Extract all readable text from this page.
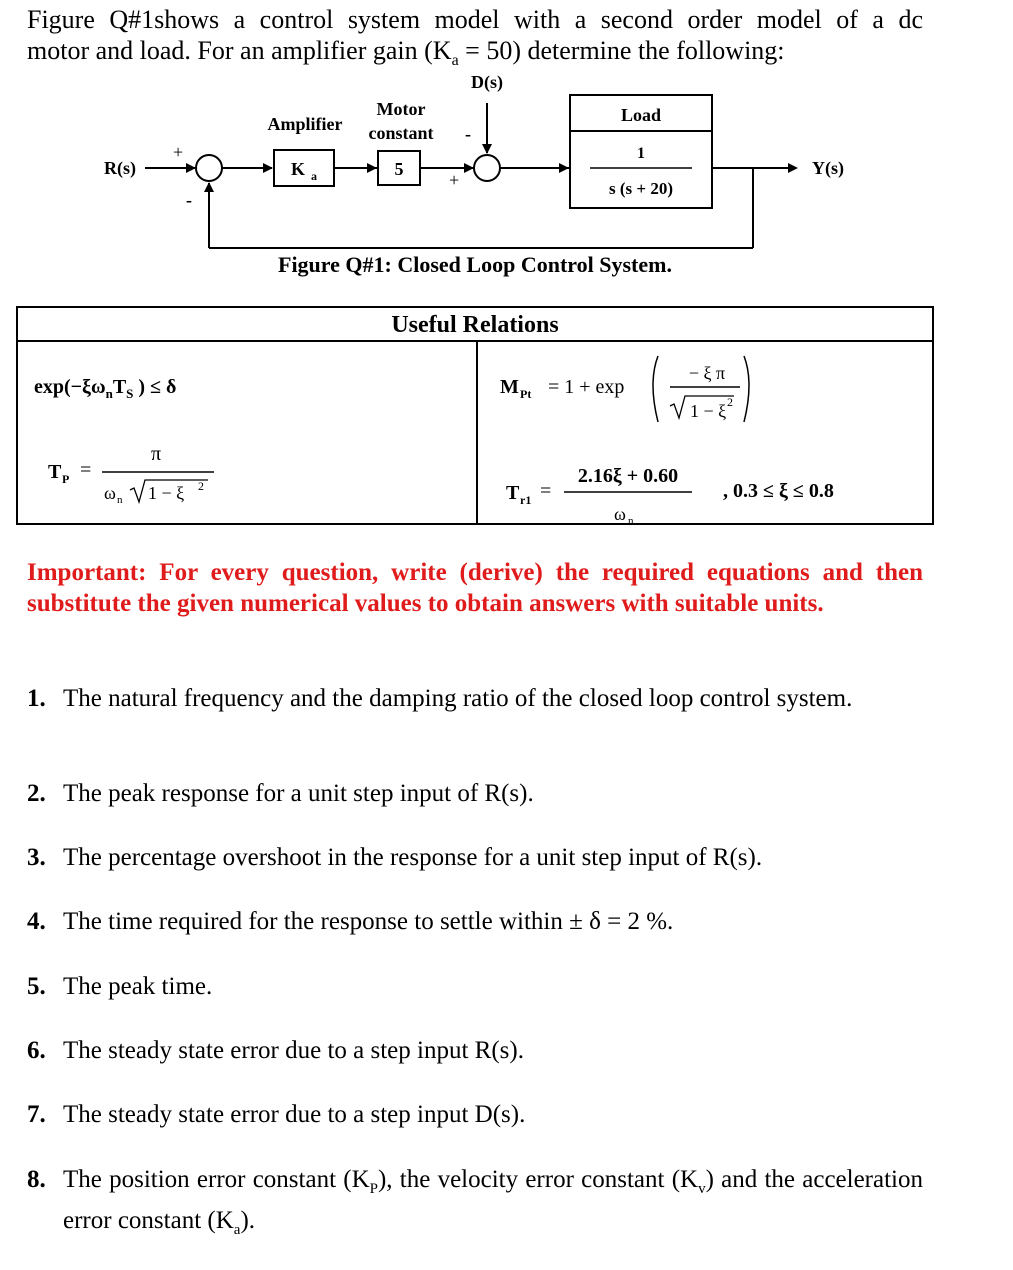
Figure Q#1shows a control system model with a second order model of a dc
motor and load. For an amplifier gain $(K_a = 50)$ determine the following:
D(s)
Amplifier
Motor
constant
K a	5
Load
1
s (s + 20)
R(s)	Y(s)
+
-
+
-
Figure Q#1: Closed Loop Control System.
Useful Relations
$\exp(-\xi\omega_nT_S$ ) ≤ δ	M Pt = 1 + exp
− ξ π
1 − ξ 2
T P =
π
ω n 1 − ξ 2	T r1 =
2.16ξ + 0.60
ω n
, 0.3 ≤ ξ ≤ 0.8
Important: For every question, write (derive) the required equations and then substitute the given numerical values to obtain answers with suitable units.
1. The natural frequency and the damping ratio of the closed loop control system.
2. The peak response for a unit step input of R(s).
3. The percentage overshoot in the response for a unit step input of R(s).
4. The time required for the response to settle within ± δ = 2 %.
5. The peak time.
6. The steady state error due to a step input R(s).
7. The steady state error due to a step input D(s).
8. The position error constant $(K_P)$, the velocity error constant $(K_v)$ and the acceleration error constant $(K_a)$.
